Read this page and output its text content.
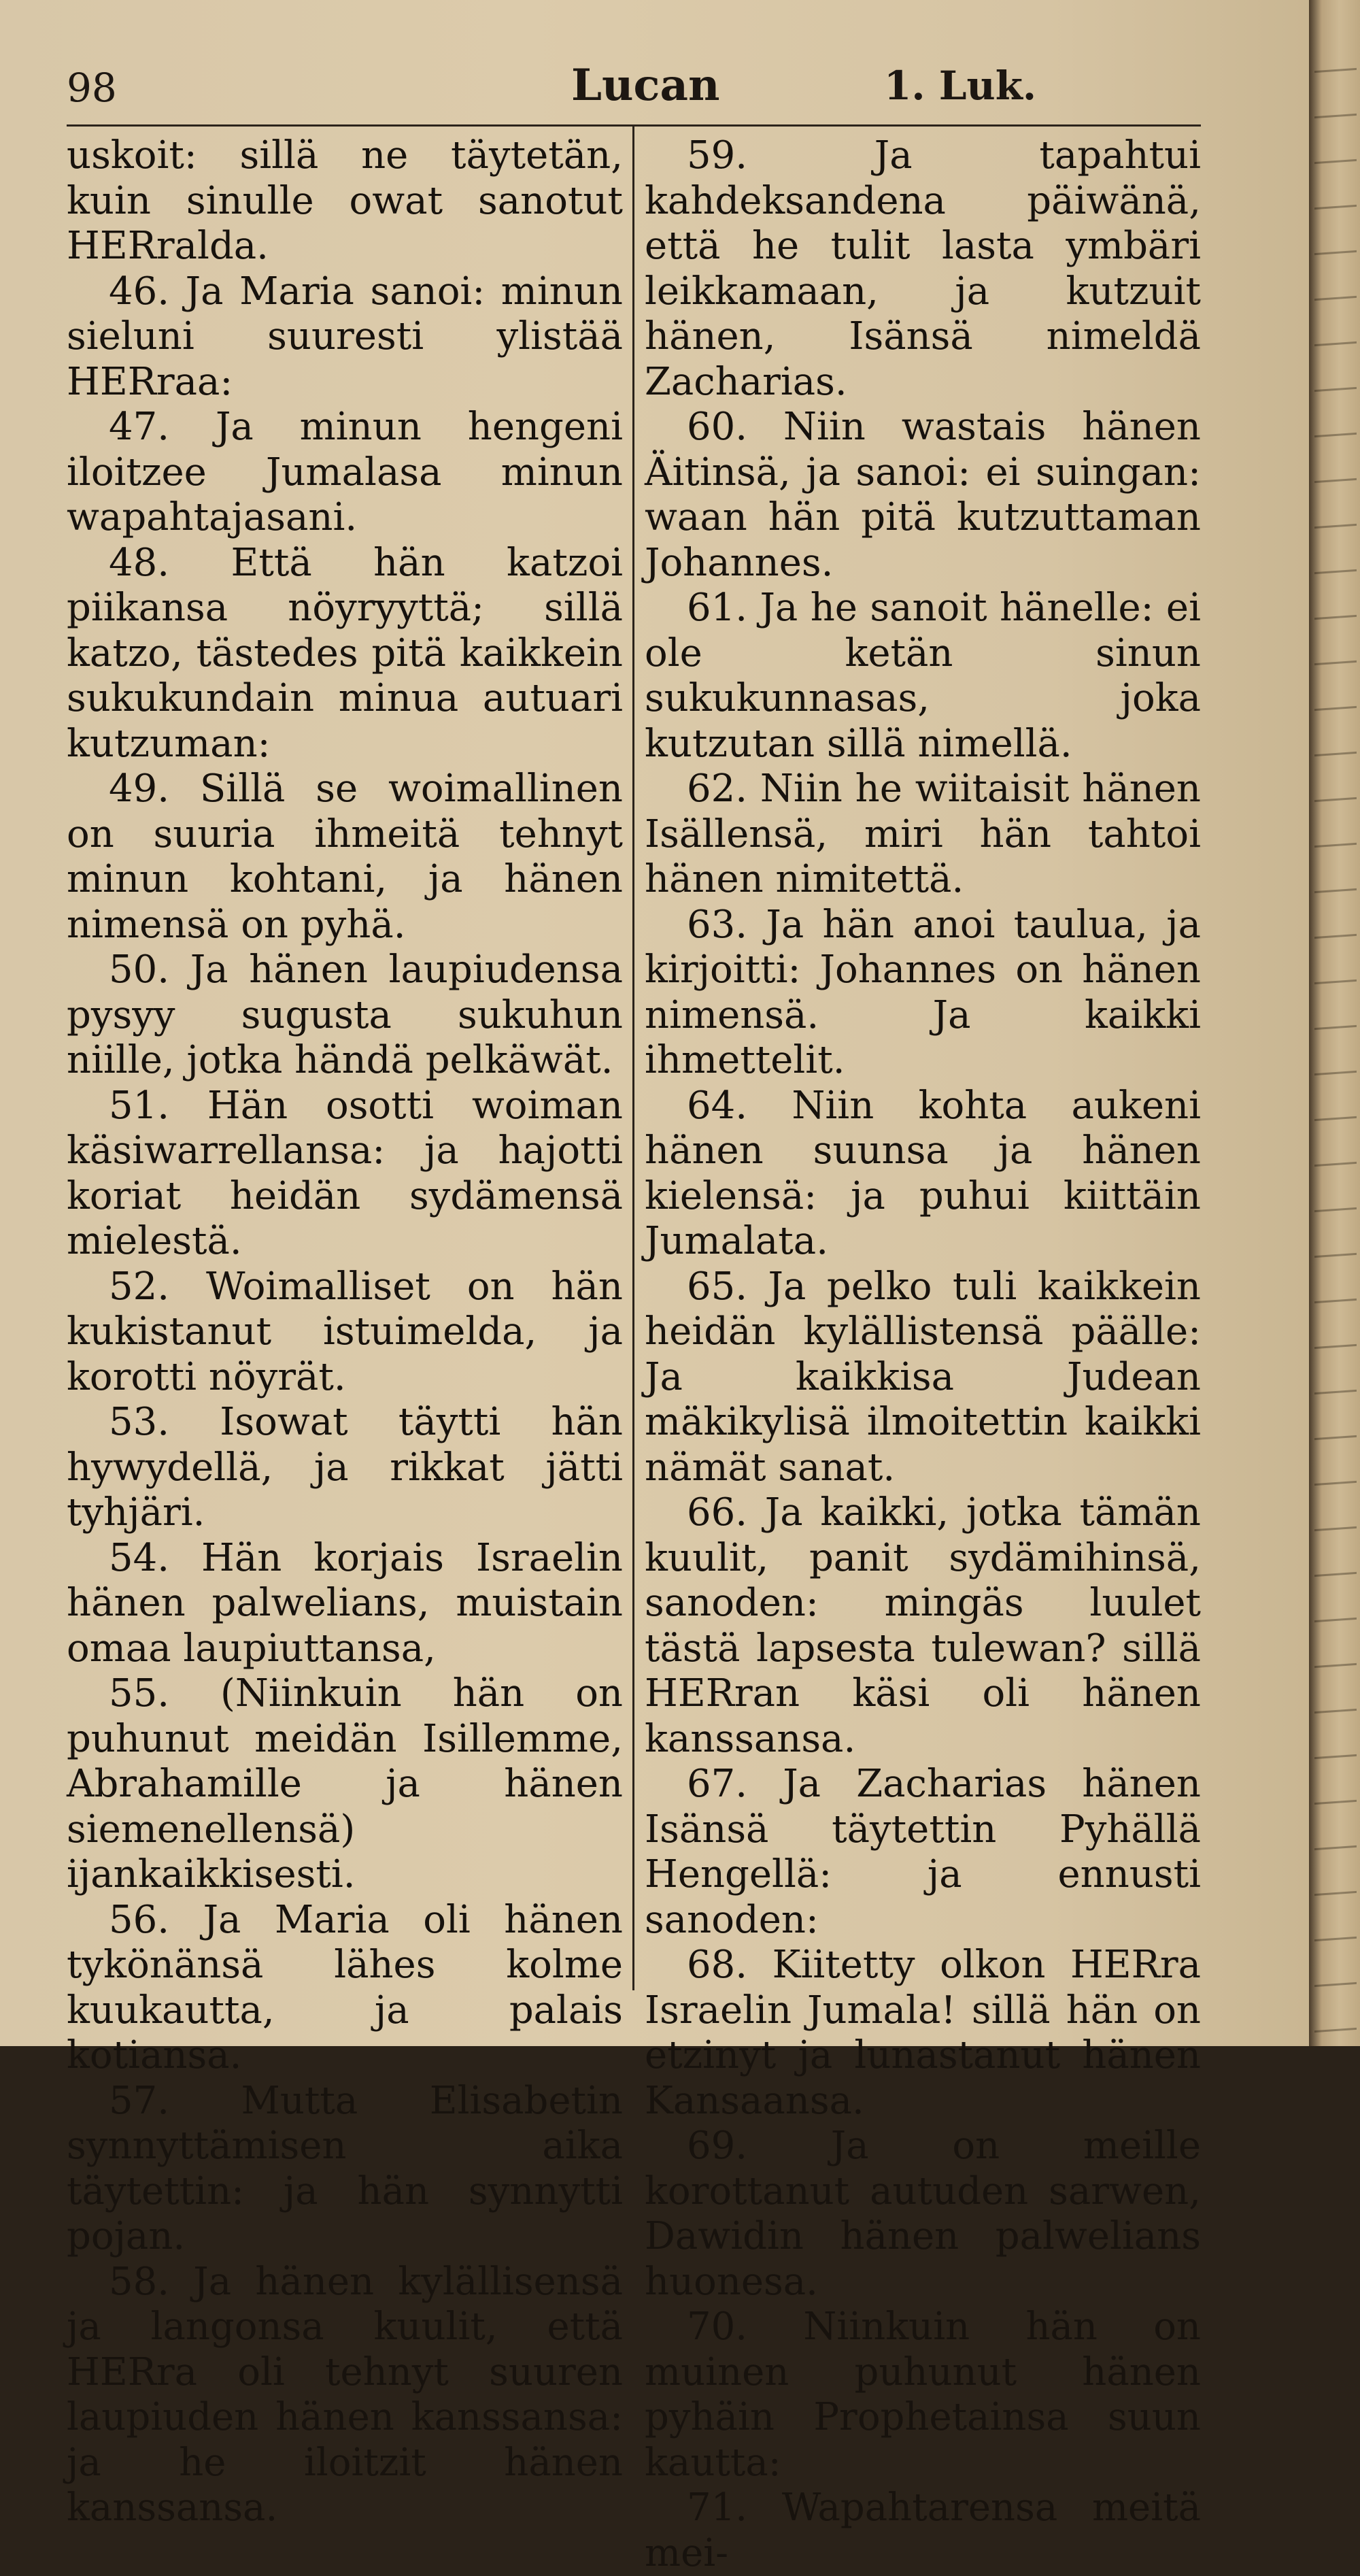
98	Lucan	1. Luk.

uskoit: sillä ne täytetän, kuin sinulle owat sanotut HERralda.

46. Ja Maria sanoi: minun sieluni suuresti ylistää HERraa:

47. Ja minun hengeni iloitzee Jumalasa minun wapahtajasani.

48. Että hän katzoi piikansa nöyryyttä; sillä katzo, tästedes pitä kaikkein sukukundain minua autuari kutzuman:

49. Sillä se woimallinen on suuria ihmeitä tehnyt minun kohtani, ja hänen nimensä on pyhä.

50. Ja hänen laupiudensa pysyy sugusta sukuhun niille, jotka händä pelkäwät.

51. Hän osotti woiman käsiwarrellansa: ja hajotti koriat heidän sydämensä mielestä.

52. Woimalliset on hän kukistanut istuimelda, ja korotti nöyrät.

53. Isowat täytti hän hywydellä, ja rikkat jätti tyhjäri.

54. Hän korjais Israelin hänen palwelians, muistain omaa laupiuttansa,

55. (Niinkuin hän on puhunut meidän Isillemme, Abrahamille ja hänen siemenellensä) ijankaikkisesti.

56. Ja Maria oli hänen tykönänsä lähes kolme kuukautta, ja palais kotiansa.

57. Mutta Elisabetin synnyttämisen aika täytettin: ja hän synnytti pojan.

58. Ja hänen kylällisensä ja langonsa kuulit, että HERra oli tehnyt suuren laupiuden hänen kanssansa: ja he iloitzit hänen kanssansa.

59.	Ja tapahtui kahdeksandena päiwänä, että he tulit lasta ymbäri leikkamaan, ja kutzuit hänen, Isänsä nimeldä Zacharias.

60. Niin wastais hänen Äitinsä, ja sanoi: ei suingan: waan hän pitä kutzuttaman Johannes.

61. Ja he sanoit hänelle: ei ole ketän sinun sukukunnasas, joka kutzutan sillä nimellä.

62. Niin he wiitaisit hänen Isällensä, miri hän tahtoi hänen nimitettä.

63. Ja hän anoi taulua, ja kirjoitti: Johannes on hänen nimensä. Ja kaikki ihmettelit.

64. Niin kohta aukeni hänen suunsa ja hänen kielensä: ja puhui kiittäin Jumalata.

65. Ja pelko tuli kaikkein heidän kylällistensä päälle: Ja kaikkisa Judean mäkikylisä ilmoitettin kaikki nämät sanat.

66. Ja kaikki, jotka tämän kuulit, panit sydämihinsä, sanoden: mingäs luulet tästä lapsesta tulewan? sillä HERran käsi oli hänen kanssansa.

67. Ja Zacharias hänen Isänsä täytettin Pyhällä Hengellä: ja ennusti sanoden:

68. Kiitetty olkon HERra Israelin Jumala! sillä hän on etzinyt ja lunastanut hänen Kansaansa.

69. Ja on meille korottanut autuden sarwen, Dawidin hänen palwelians huonesa.

70. Niinkuin hän on muinen puhunut hänen pyhäin Prophetainsa suun kautta:

71. Wapahtarensa meitä mei-
